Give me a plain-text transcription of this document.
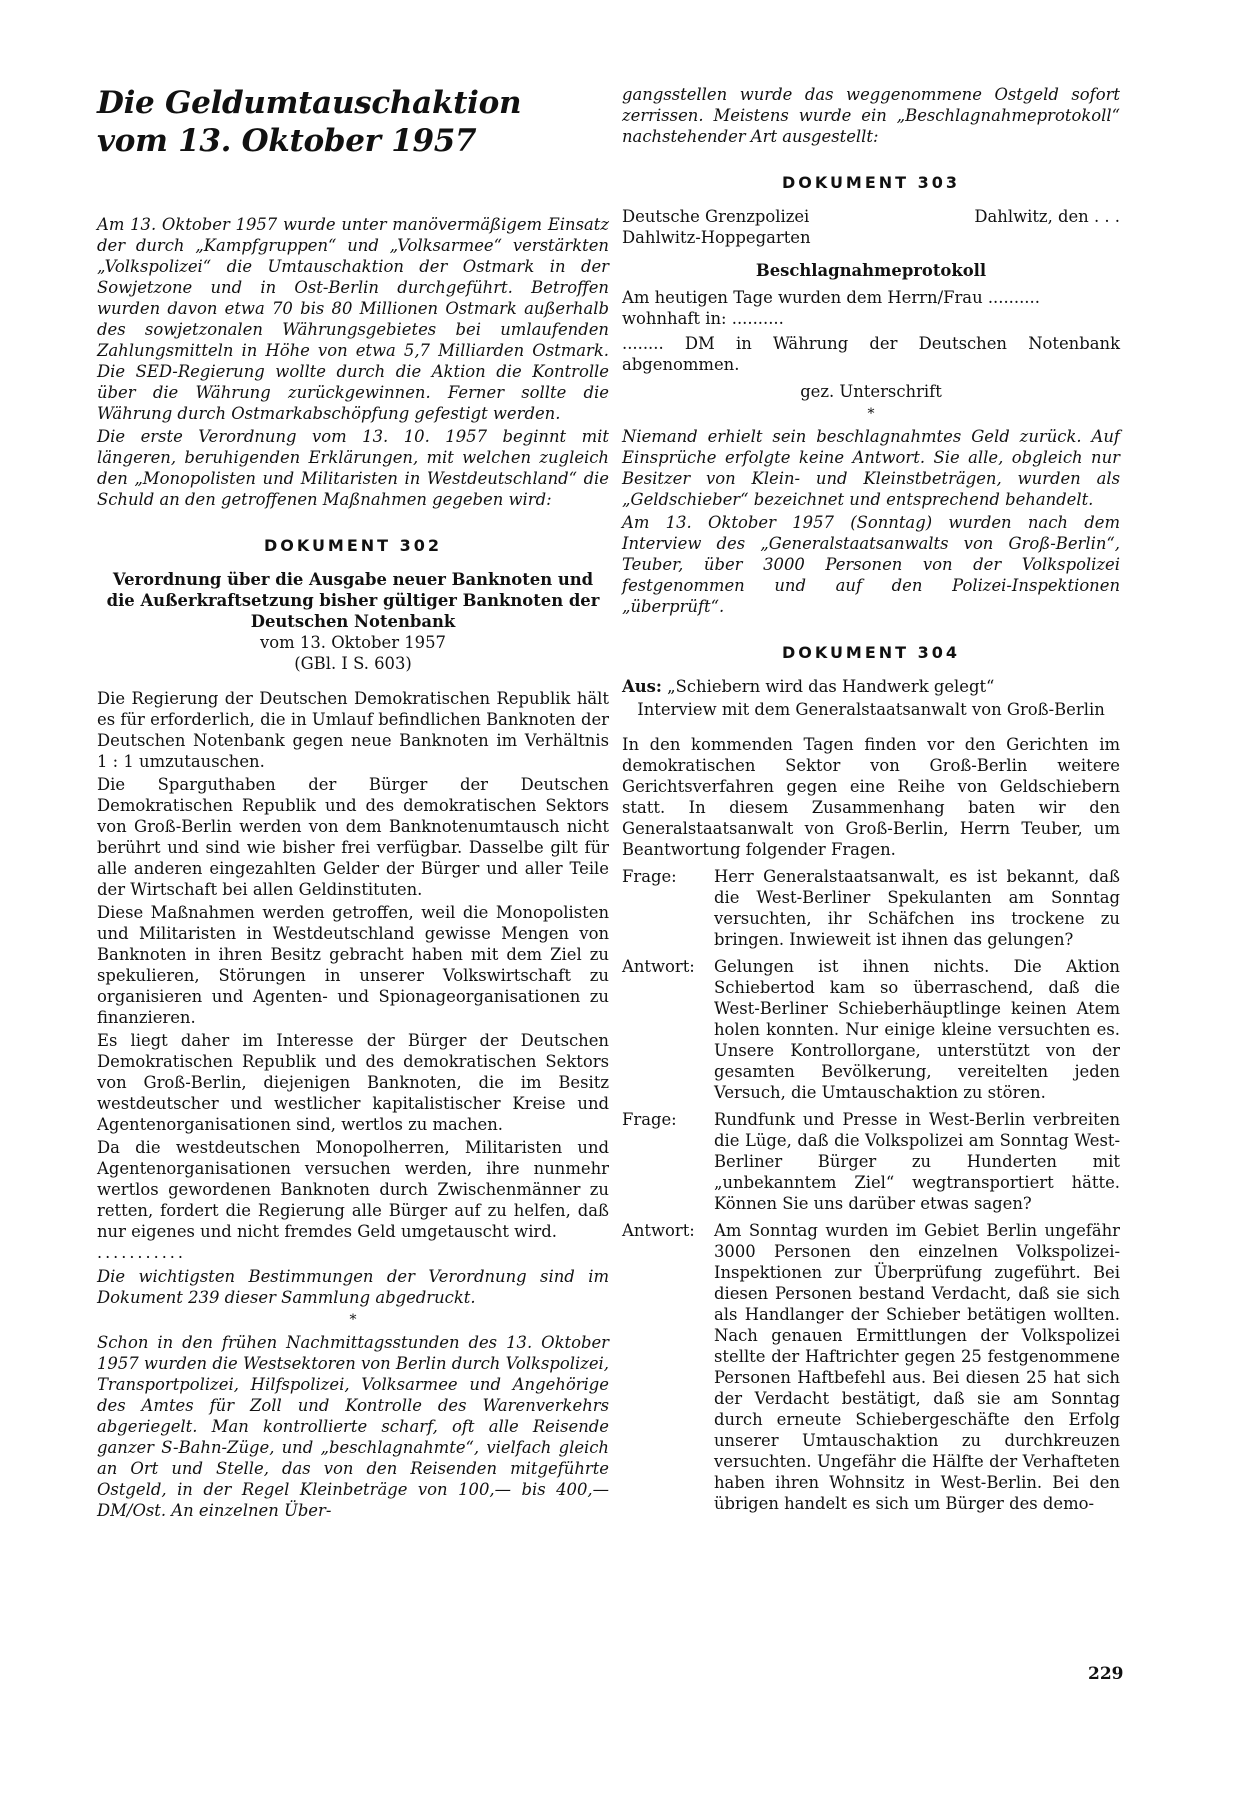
Die Geldumtauschaktion
vom 13. Oktober 1957

Am 13. Oktober 1957 wurde unter manövermäßigem Einsatz der durch „Kampfgruppen“ und „Volksarmee“ verstärkten „Volkspolizei“ die Umtauschaktion der Ostmark in der Sowjetzone und in Ost-Berlin durchgeführt. Betroffen wurden davon etwa 70 bis 80 Millionen Ostmark außerhalb des sowjetzonalen Währungsgebietes bei umlaufenden Zahlungsmitteln in Höhe von etwa 5,7 Milliarden Ostmark. Die SED-Regierung wollte durch die Aktion die Kontrolle über die Währung zurückgewinnen. Ferner sollte die Währung durch Ostmarkabschöpfung gefestigt werden.

Die erste Verordnung vom 13. 10. 1957 beginnt mit längeren, beruhigenden Erklärungen, mit welchen zugleich den „Monopolisten und Militaristen in Westdeutschland“ die Schuld an den getroffenen Maßnahmen gegeben wird:

DOKUMENT 302

Verordnung über die Ausgabe neuer Banknoten und die Außerkraftsetzung bisher gültiger Banknoten der Deutschen Notenbank

vom 13. Oktober 1957

(GBl. I S. 603)

Die Regierung der Deutschen Demokratischen Republik hält es für erforderlich, die in Umlauf befindlichen Banknoten der Deutschen Notenbank gegen neue Banknoten im Verhältnis 1 : 1 umzutauschen.

Die Sparguthaben der Bürger der Deutschen Demokratischen Republik und des demokratischen Sektors von Groß-Berlin werden von dem Banknotenumtausch nicht berührt und sind wie bisher frei verfügbar. Dasselbe gilt für alle anderen eingezahlten Gelder der Bürger und aller Teile der Wirtschaft bei allen Geldinstituten.

Diese Maßnahmen werden getroffen, weil die Monopolisten und Militaristen in Westdeutschland gewisse Mengen von Banknoten in ihren Besitz gebracht haben mit dem Ziel zu spekulieren, Störungen in unserer Volkswirtschaft zu organisieren und Agenten- und Spionageorganisationen zu finanzieren.

Es liegt daher im Interesse der Bürger der Deutschen Demokratischen Republik und des demokratischen Sektors von Groß-Berlin, diejenigen Banknoten, die im Besitz westdeutscher und westlicher kapitalistischer Kreise und Agentenorganisationen sind, wertlos zu machen.

Da die westdeutschen Monopolherren, Militaristen und Agentenorganisationen versuchen werden, ihre nunmehr wertlos gewordenen Banknoten durch Zwischenmänner zu retten, fordert die Regierung alle Bürger auf zu helfen, daß nur eigenes und nicht fremdes Geld umgetauscht wird.

...........

Die wichtigsten Bestimmungen der Verordnung sind im Dokument 239 dieser Sammlung abgedruckt.

*

Schon in den frühen Nachmittagsstunden des 13. Oktober 1957 wurden die Westsektoren von Berlin durch Volkspolizei, Transportpolizei, Hilfspolizei, Volksarmee und Angehörige des Amtes für Zoll und Kontrolle des Warenverkehrs abgeriegelt. Man kontrollierte scharf, oft alle Reisende ganzer S-Bahn-Züge, und „beschlagnahmte“, vielfach gleich an Ort und Stelle, das von den Reisenden mitgeführte Ostgeld, in der Regel Kleinbeträge von 100,— bis 400,— DM/Ost. An einzelnen Über-

gangsstellen wurde das weggenommene Ostgeld sofort zerrissen. Meistens wurde ein „Beschlagnahmeprotokoll“ nachstehender Art ausgestellt:

DOKUMENT 303
Deutsche Grenzpolizei	Dahlwitz, den . . .
Dahlwitz-Hoppegarten

Beschlagnahmeprotokoll

Am heutigen Tage wurden dem Herrn/Frau ..........

wohnhaft in: ..........

........ DM in Währung der Deutschen Notenbank abgenommen.

gez. Unterschrift

*

Niemand erhielt sein beschlagnahmtes Geld zurück. Auf Einsprüche erfolgte keine Antwort. Sie alle, obgleich nur Besitzer von Klein- und Kleinstbeträgen, wurden als „Geldschieber“ bezeichnet und entsprechend behandelt.

Am 13. Oktober 1957 (Sonntag) wurden nach dem Interview des „Generalstaatsanwalts von Groß-Berlin“, Teuber, über 3000 Personen von der Volkspolizei festgenommen und auf den Polizei-Inspektionen „überprüft“.

DOKUMENT 304

Aus: „Schiebern wird das Handwerk gelegt“

Interview mit dem Generalstaatsanwalt von Groß-Berlin

In den kommenden Tagen finden vor den Gerichten im demokratischen Sektor von Groß-Berlin weitere Gerichtsverfahren gegen eine Reihe von Geldschiebern statt. In diesem Zusammenhang baten wir den Generalstaatsanwalt von Groß-Berlin, Herrn Teuber, um Beantwortung folgender Fragen.

Frage:	Herr Generalstaatsanwalt, es ist bekannt, daß die West-Berliner Spekulanten am Sonntag versuchten, ihr Schäfchen ins trockene zu bringen. Inwieweit ist ihnen das gelungen?
Antwort:	Gelungen ist ihnen nichts. Die Aktion Schiebertod kam so überraschend, daß die West-Berliner Schieberhäuptlinge keinen Atem holen konnten. Nur einige kleine versuchten es. Unsere Kontrollorgane, unterstützt von der gesamten Bevölkerung, vereitelten jeden Versuch, die Umtauschaktion zu stören.
Frage:	Rundfunk und Presse in West-Berlin verbreiten die Lüge, daß die Volkspolizei am Sonntag West-Berliner Bürger zu Hunderten mit „unbekanntem Ziel“ wegtransportiert hätte. Können Sie uns darüber etwas sagen?
Antwort:	Am Sonntag wurden im Gebiet Berlin ungefähr 3000 Personen den einzelnen Volkspolizei-Inspektionen zur Überprüfung zugeführt. Bei diesen Personen bestand Verdacht, daß sie sich als Handlanger der Schieber betätigen wollten. Nach genauen Ermittlungen der Volkspolizei stellte der Haftrichter gegen 25 festgenommene Personen Haftbefehl aus. Bei diesen 25 hat sich der Verdacht bestätigt, daß sie am Sonntag durch erneute Schiebergeschäfte den Erfolg unserer Umtauschaktion zu durchkreuzen versuchten. Ungefähr die Hälfte der Verhafteten haben ihren Wohnsitz in West-Berlin. Bei den übrigen handelt es sich um Bürger des demo-
229
